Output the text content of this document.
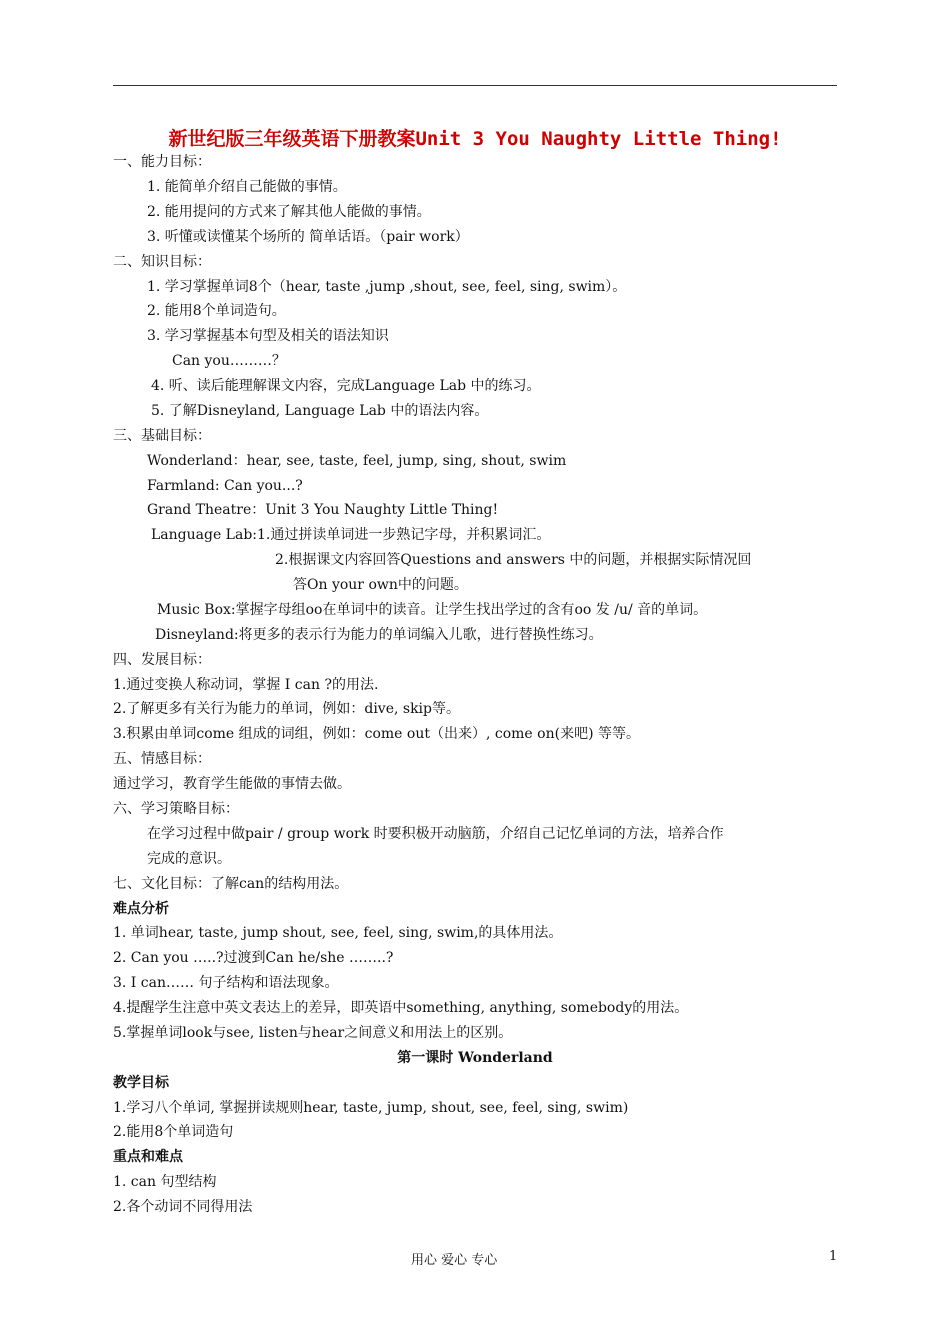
新世纪版三年级英语下册教案Unit 3 You Naughty Little Thing!
一、能力目标：
1. 能简单介绍自己能做的事情。
2. 能用提问的方式来了解其他人能做的事情。
3. 听懂或读懂某个场所的 简单话语。（pair work）
二、知识目标：
1. 学习掌握单词8个（hear, taste ,jump ,shout, see, feel, sing, swim）。
2. 能用8个单词造句。
3. 学习掌握基本句型及相关的语法知识
Can you………？
4. 听、读后能理解课文内容，完成Language Lab 中的练习。
5. 了解Disneyland, Language Lab 中的语法内容。
三、基础目标：
Wonderland：hear, see, taste, feel, jump, sing, shout, swim
Farmland: Can you...?
Grand Theatre：Unit 3 You Naughty Little Thing!
Language Lab:1.通过拼读单词进一步熟记字母，并积累词汇。
2.根据课文内容回答Questions and answers 中的问题，并根据实际情况回
答On your own中的问题。
Music Box:掌握字母组oo在单词中的读音。让学生找出学过的含有oo 发 /u/ 音的单词。
Disneyland:将更多的表示行为能力的单词编入儿歌，进行替换性练习。
四、发展目标：
1.通过变换人称动词，掌握 I can ?的用法.
2.了解更多有关行为能力的单词，例如：dive, skip等。
3.积累由单词come 组成的词组，例如：come out（出来）, come on(来吧) 等等。
五、情感目标：
通过学习，教育学生能做的事情去做。
六、学习策略目标：
在学习过程中做pair / group work 时要积极开动脑筋，介绍自己记忆单词的方法，培养合作
完成的意识。
七、文化目标：了解can的结构用法。
难点分析
1. 单词hear, taste, jump shout, see, feel, sing, swim,的具体用法。
2. Can you …..?过渡到Can he/she ……..?
3. I can…… 句子结构和语法现象。
4.提醒学生注意中英文表达上的差异，即英语中something, anything, somebody的用法。
5.掌握单词look与see, listen与hear之间意义和用法上的区别。
第一课时 Wonderland
教学目标
1.学习八个单词, 掌握拼读规则hear, taste, jump, shout, see, feel, sing, swim)
2.能用8个单词造句
重点和难点
1. can 句型结构
2.各个动词不同得用法
用心 爱心 专心	1
